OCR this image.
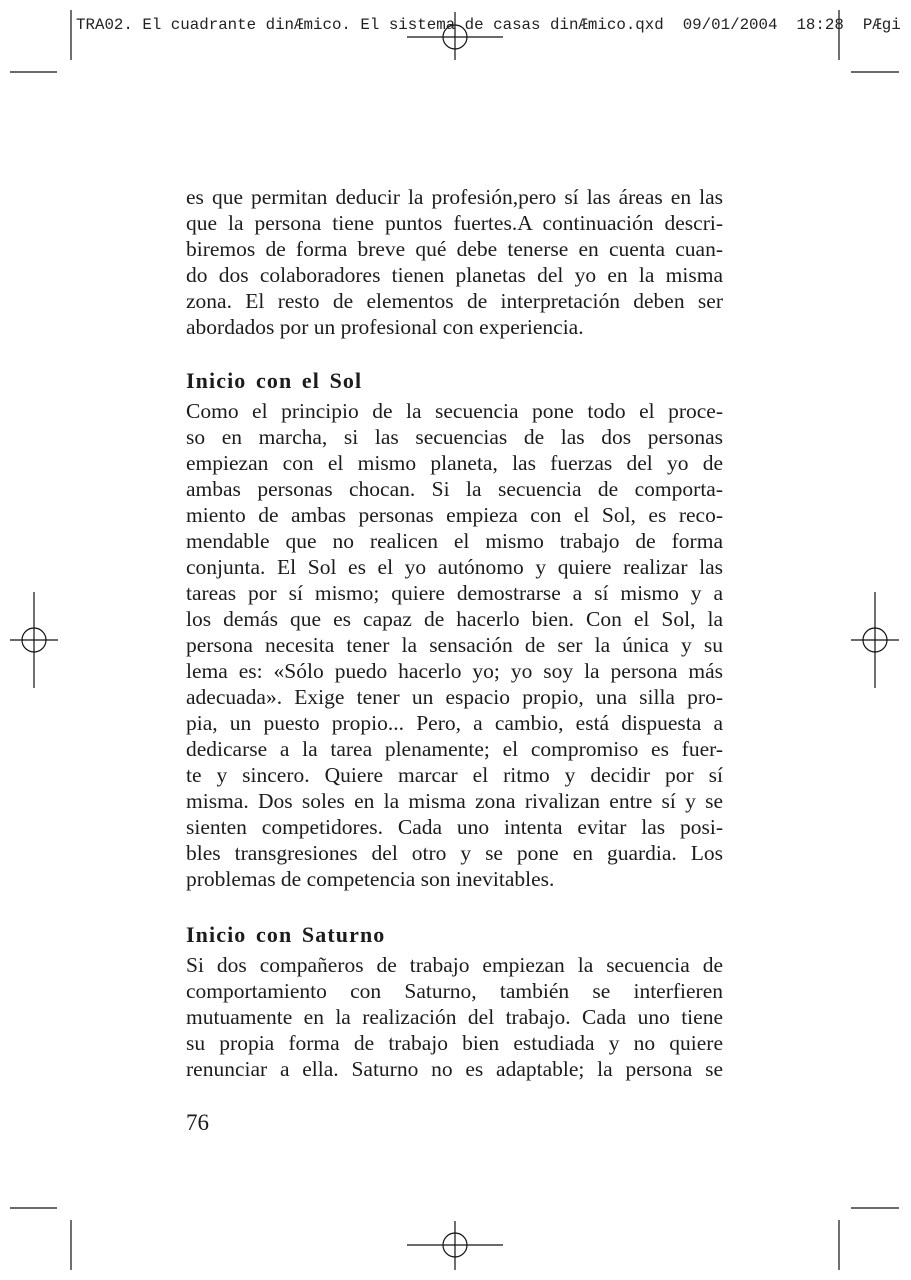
TRA02. El cuadrante dinÆmico. El sistema de casas dinÆmico.qxd  09/01/2004  18:28  PÆgi
es que permitan deducir la profesión,pero sí las áreas en las
que la persona tiene puntos fuertes.A continuación descri-
biremos de forma breve qué debe tenerse en cuenta cuan-
do dos colaboradores tienen planetas del yo en la misma
zona. El resto de elementos de interpretación deben ser
abordados por un profesional con experiencia.
Inicio con el Sol
Como el principio de la secuencia pone todo el proce-
so en marcha, si las secuencias de las dos personas
empiezan con el mismo planeta, las fuerzas del yo de
ambas personas chocan. Si la secuencia de comporta-
miento de ambas personas empieza con el Sol, es reco-
mendable que no realicen el mismo trabajo de forma
conjunta. El Sol es el yo autónomo y quiere realizar las
tareas por sí mismo; quiere demostrarse a sí mismo y a
los demás que es capaz de hacerlo bien. Con el Sol, la
persona necesita tener la sensación de ser la única y su
lema es: «Sólo puedo hacerlo yo; yo soy la persona más
adecuada». Exige tener un espacio propio, una silla pro-
pia, un puesto propio... Pero, a cambio, está dispuesta a
dedicarse a la tarea plenamente; el compromiso es fuer-
te y sincero. Quiere marcar el ritmo y decidir por sí
misma. Dos soles en la misma zona rivalizan entre sí y se
sienten competidores. Cada uno intenta evitar las posi-
bles transgresiones del otro y se pone en guardia. Los
problemas de competencia son inevitables.
Inicio con Saturno
Si dos compañeros de trabajo empiezan la secuencia de
comportamiento con Saturno, también se interfieren
mutuamente en la realización del trabajo. Cada uno tiene
su propia forma de trabajo bien estudiada y no quiere
renunciar a ella. Saturno no es adaptable; la persona se
76
